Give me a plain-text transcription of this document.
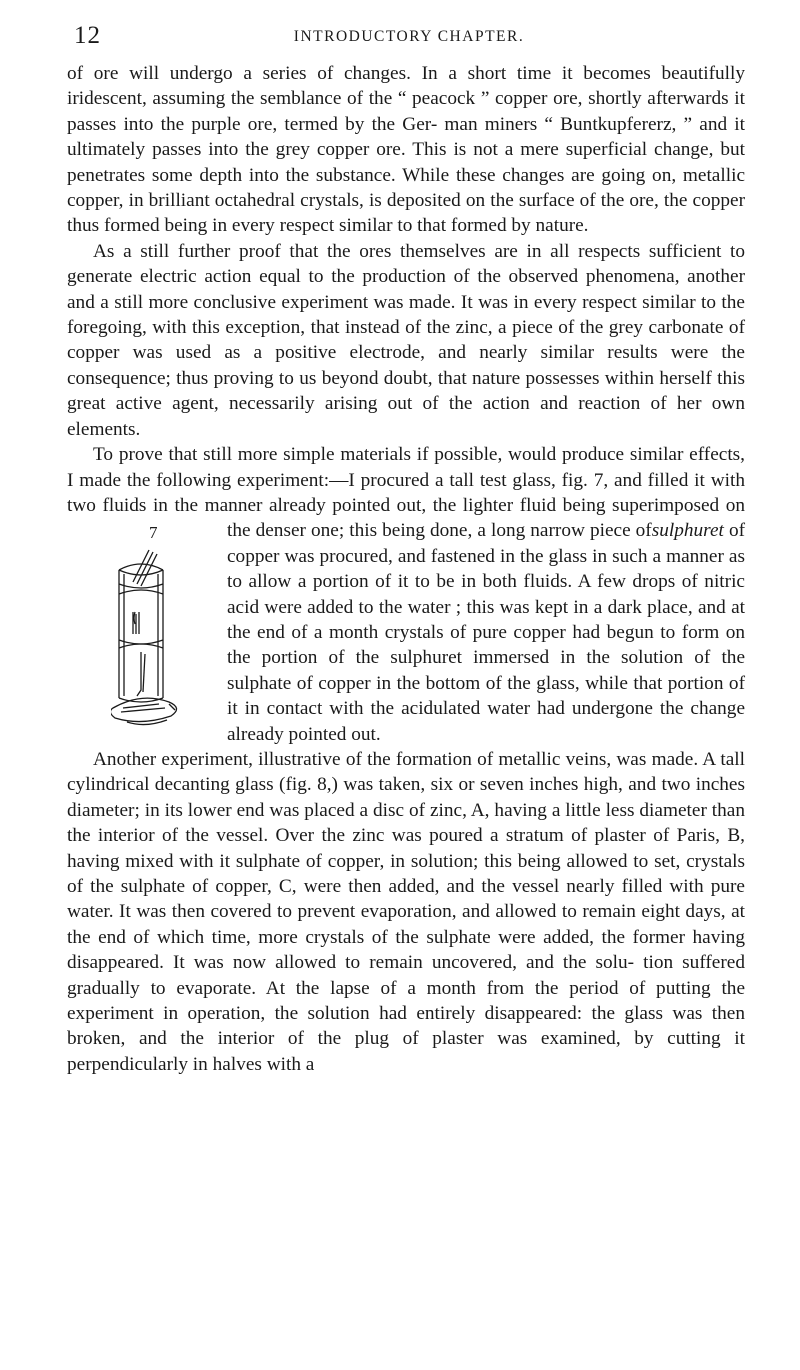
12	INTRODUCTORY CHAPTER.

of ore will undergo a series of changes. In a short time it becomes beautifully iridescent, assuming the semblance of the “ peacock ” copper ore, shortly afterwards it passes into the purple ore, termed by the Ger- man miners “ Buntkupfererz, ” and it ultimately passes into the grey copper ore. This is not a mere superficial change, but penetrates some depth into the substance. While these changes are going on, metallic copper, in brilliant octahedral crystals, is deposited on the surface of the ore, the copper thus formed being in every respect similar to that formed by nature.

As a still further proof that the ores themselves are in all respects sufficient to generate electric action equal to the production of the observed phenomena, another and a still more conclusive experiment was made. It was in every respect similar to the foregoing, with this exception, that instead of the zinc, a piece of the grey carbonate of copper was used as a positive electrode, and nearly similar results were the consequence; thus proving to us beyond doubt, that nature possesses within herself this great active agent, necessarily arising out of the action and reaction of her own elements.

To prove that still more simple materials if possible, would produce similar effects, I made the following experiment:—I procured a tall test glass, fig. 7, and filled it with two fluids in the manner already pointed out, the lighter fluid being superimposed on the denser one; this being done, a long narrow piece of
7	sulphuret of copper was procured, and fastened in the glass in such a manner as to allow a portion of it to be in both fluids. A few drops of nitric acid were added to the water ; this was kept in a dark place, and at the end of a month crystals of pure copper had begun to form on the portion of the sulphuret immersed in the solution of the sulphate of copper in the bottom of the glass, while that portion of it in contact with the acidulated water had undergone the change already pointed out.

Another experiment, illustrative of the formation of metallic veins, was made. A tall cylindrical decanting glass (fig. 8,) was taken, six or seven inches high, and two inches diameter; in its lower end was placed a disc of zinc, A, having a little less diameter than the interior of the vessel. Over the zinc was poured a stratum of plaster of Paris, B, having mixed with it sulphate of copper, in solution; this being allowed to set, crystals of the sulphate of copper, C, were then added, and the vessel nearly filled with pure water. It was then covered to prevent evaporation, and allowed to remain eight days, at the end of which time, more crystals of the sulphate were added, the former having disappeared. It was now allowed to remain uncovered, and the solu- tion suffered gradually to evaporate. At the lapse of a month from the period of putting the experiment in operation, the solution had entirely disappeared: the glass was then broken, and the interior of the plug of plaster was examined, by cutting it perpendicularly in halves with a
